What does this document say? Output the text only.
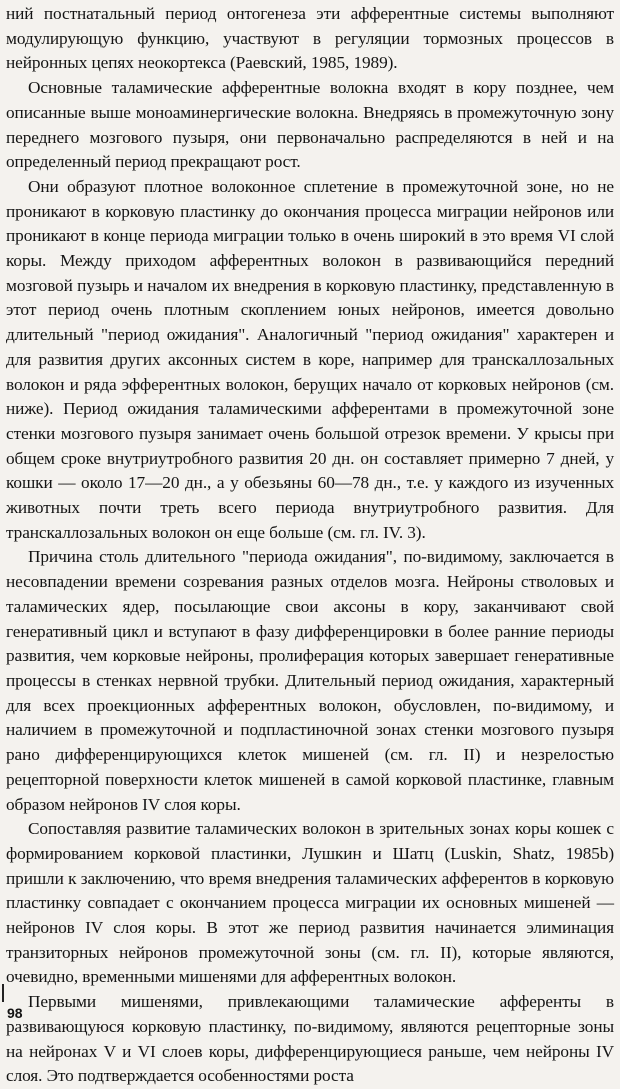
ний постнатальный период онтогенеза эти афферентные системы выполняют модулирующую функцию, участвуют в регуляции тормозных процессов в нейронных цепях неокортекса (Раевский, 1985, 1989).

Основные таламические афферентные волокна входят в кору позднее, чем описанные выше моноаминергические волокна. Внедряясь в промежуточную зону переднего мозгового пузыря, они первоначально распределяются в ней и на определенный период прекращают рост.

Они образуют плотное волоконное сплетение в промежуточной зоне, но не проникают в корковую пластинку до окончания процесса миграции нейронов или проникают в конце периода миграции только в очень широкий в это время VI слой коры. Между приходом афферентных волокон в развивающийся передний мозговой пузырь и началом их внедрения в корковую пластинку, представленную в этот период очень плотным скоплением юных нейронов, имеется довольно длительный "период ожидания". Аналогичный "период ожидания" характерен и для развития других аксонных систем в коре, например для транскаллозальных волокон и ряда эфферентных волокон, берущих начало от корковых нейронов (см. ниже). Период ожидания таламическими афферентами в промежуточной зоне стенки мозгового пузыря занимает очень большой отрезок времени. У крысы при общем сроке внутриутробного развития 20 дн. он составляет примерно 7 дней, у кошки — около 17—20 дн., а у обезьяны 60—78 дн., т.е. у каждого из изученных животных почти треть всего периода внутриутробного развития. Для транскаллозальных волокон он еще больше (см. гл. IV. 3).

Причина столь длительного "периода ожидания", по-видимому, заключается в несовпадении времени созревания разных отделов мозга. Нейроны стволовых и таламических ядер, посылающие свои аксоны в кору, заканчивают свой генеративный цикл и вступают в фазу дифференцировки в более ранние периоды развития, чем корковые нейроны, пролиферация которых завершает генеративные процессы в стенках нервной трубки. Длительный период ожидания, характерный для всех проекционных афферентных волокон, обусловлен, по-видимому, и наличием в промежуточной и подпластиночной зонах стенки мозгового пузыря рано дифференцирующихся клеток мишеней (см. гл. II) и незрелостью рецепторной поверхности клеток мишеней в самой корковой пластинке, главным образом нейронов IV слоя коры.

Сопоставляя развитие таламических волокон в зрительных зонах коры кошек с формированием корковой пластинки, Лушкин и Шатц (Luskin, Shatz, 1985b) пришли к заключению, что время внедрения таламических афферентов в корковую пластинку совпадает с окончанием процесса миграции их основных мишеней — нейронов IV слоя коры. В этот же период развития начинается элиминация транзиторных нейронов промежуточной зоны (см. гл. II), которые являются, очевидно, временными мишенями для афферентных волокон.

Первыми мишенями, привлекающими таламические афференты в развивающуюся корковую пластинку, по-видимому, являются рецепторные зоны на нейронах V и VI слоев коры, дифференцирующиеся раньше, чем нейроны IV слоя. Это подтверждается особенностями роста

98
